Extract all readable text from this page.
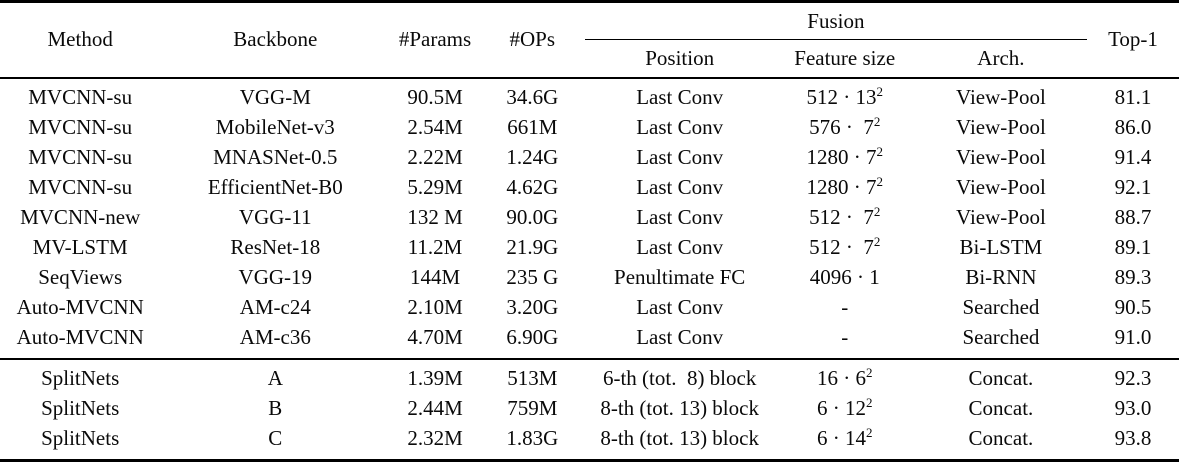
Method	Backbone	#Params	#OPs	Fusion			Top-1
				Position	Feature size	Arch.	
MVCNN-su	VGG-M	90.5M	34.6G	Last Conv	$512 \cdot 13^2$	View-Pool	81.1
MVCNN-su	MobileNet-v3	2.54M	661M	Last Conv	$576 \cdot 7^2$	View-Pool	86.0
MVCNN-su	MNASNet-0.5	2.22M	1.24G	Last Conv	$1280 \cdot 7^2$	View-Pool	91.4
MVCNN-su	EfficientNet-B0	5.29M	4.62G	Last Conv	$1280 \cdot 7^2$	View-Pool	92.1
MVCNN-new	VGG-11	132 M	90.0G	Last Conv	$512 \cdot 7^2$	View-Pool	88.7
MV-LSTM	ResNet-18	11.2M	21.9G	Last Conv	$512 \cdot 7^2$	Bi-LSTM	89.1
SeqViews	VGG-19	144M	235 G	Penultimate FC	4096 · 1	Bi-RNN	89.3
Auto-MVCNN	AM-c24	2.10M	3.20G	Last Conv	-	Searched	90.5
Auto-MVCNN	AM-c36	4.70M	6.90G	Last Conv	-	Searched	91.0
SplitNets	A	1.39M	513M	6-th (tot.  8) block	$16 \cdot 6^2$	Concat.	92.3
SplitNets	B	2.44M	759M	8-th (tot. 13) block	$6 \cdot 12^2$	Concat.	93.0
SplitNets	C	2.32M	1.83G	8-th (tot. 13) block	$6 \cdot 14^2$	Concat.	93.8
